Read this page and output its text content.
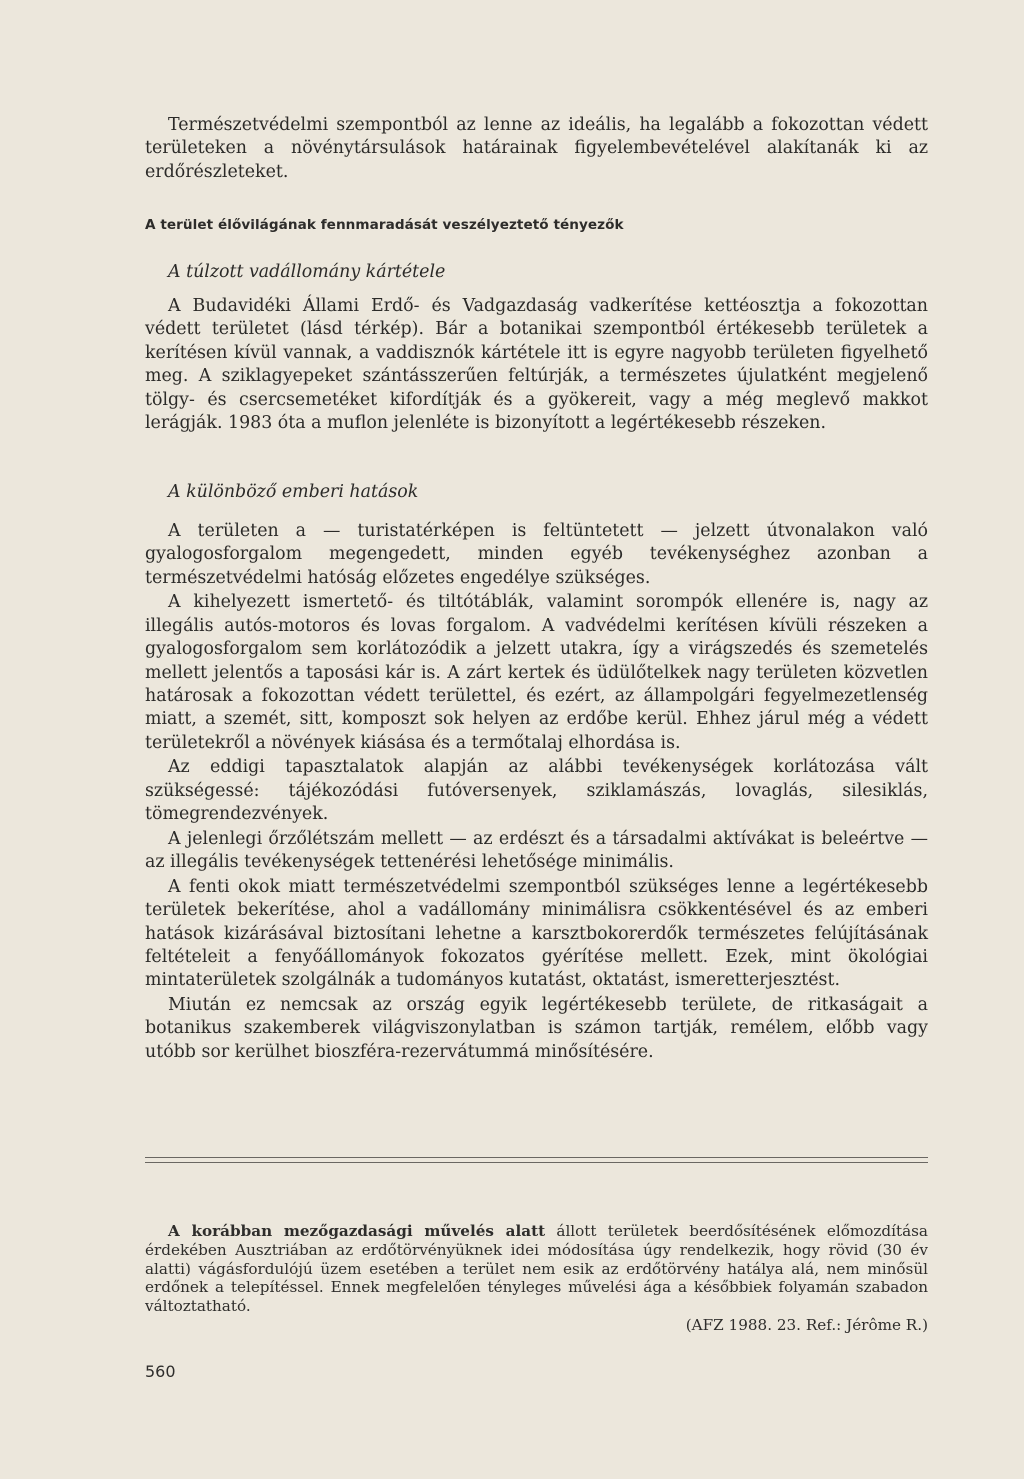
Természetvédelmi szempontból az lenne az ideális, ha legalább a fokozottan védett területeken a növénytársulások határainak figyelembevételével alakítanák ki az erdőrészleteket.

A terület élővilágának fennmaradását veszélyeztető tényezők
A túlzott vadállomány kártétele

A Budavidéki Állami Erdő- és Vadgazdaság vadkerítése kettéosztja a fokozottan védett területet (lásd térkép). Bár a botanikai szempontból értékesebb területek a kerítésen kívül vannak, a vaddisznók kártétele itt is egyre nagyobb területen figyelhető meg. A sziklagyepeket szántásszerűen feltúrják, a természetes újulatként megjelenő tölgy- és csercsemetéket kifordítják és a gyökereit, vagy a még meglevő makkot lerágják. 1983 óta a muflon jelenléte is bizonyított a legértékesebb részeken.

A különböző emberi hatások

A területen a — turistatérképen is feltüntetett — jelzett útvonalakon való gyalogosforgalom megengedett, minden egyéb tevékenységhez azonban a természetvédelmi hatóság előzetes engedélye szükséges.

A kihelyezett ismertető- és tiltótáblák, valamint sorompók ellenére is, nagy az illegális autós-motoros és lovas forgalom. A vadvédelmi kerítésen kívüli részeken a gyalogosforgalom sem korlátozódik a jelzett utakra, így a virágszedés és szemetelés mellett jelentős a taposási kár is. A zárt kertek és üdülőtelkek nagy területen közvetlen határosak a fokozottan védett területtel, és ezért, az állampolgári fegyelmezetlenség miatt, a szemét, sitt, komposzt sok helyen az erdőbe kerül. Ehhez járul még a védett területekről a növények kiásása és a termőtalaj elhordása is.

Az eddigi tapasztalatok alapján az alábbi tevékenységek korlátozása vált szükségessé: tájékozódási futóversenyek, sziklamászás, lovaglás, silesiklás, tömegrendezvények.

A jelenlegi őrzőlétszám mellett — az erdészt és a társadalmi aktívákat is beleértve — az illegális tevékenységek tettenérési lehetősége minimális.

A fenti okok miatt természetvédelmi szempontból szükséges lenne a legértékesebb területek bekerítése, ahol a vadállomány minimálisra csökkentésével és az emberi hatások kizárásával biztosítani lehetne a karsztbokorerdők természetes felújításának feltételeit a fenyőállományok fokozatos gyérítése mellett. Ezek, mint ökológiai mintaterületek szolgálnák a tudományos kutatást, oktatást, ismeretterjesztést.

Miután ez nemcsak az ország egyik legértékesebb területe, de ritkaságait a botanikus szakemberek világviszonylatban is számon tartják, remélem, előbb vagy utóbb sor kerülhet bioszféra-rezervátummá minősítésére.

A korábban mezőgazdasági művelés alatt állott területek beerdősítésének előmozdítása érdekében Ausztriában az erdőtörvényüknek idei módosítása úgy rendelkezik, hogy rövid (30 év alatti) vágásfordulójú üzem esetében a terület nem esik az erdőtörvény hatálya alá, nem minősül erdőnek a telepítéssel. Ennek megfelelően tényleges művelési ága a későbbiek folyamán szabadon változtatható.

(AFZ 1988. 23. Ref.: Jérôme R.)

560
